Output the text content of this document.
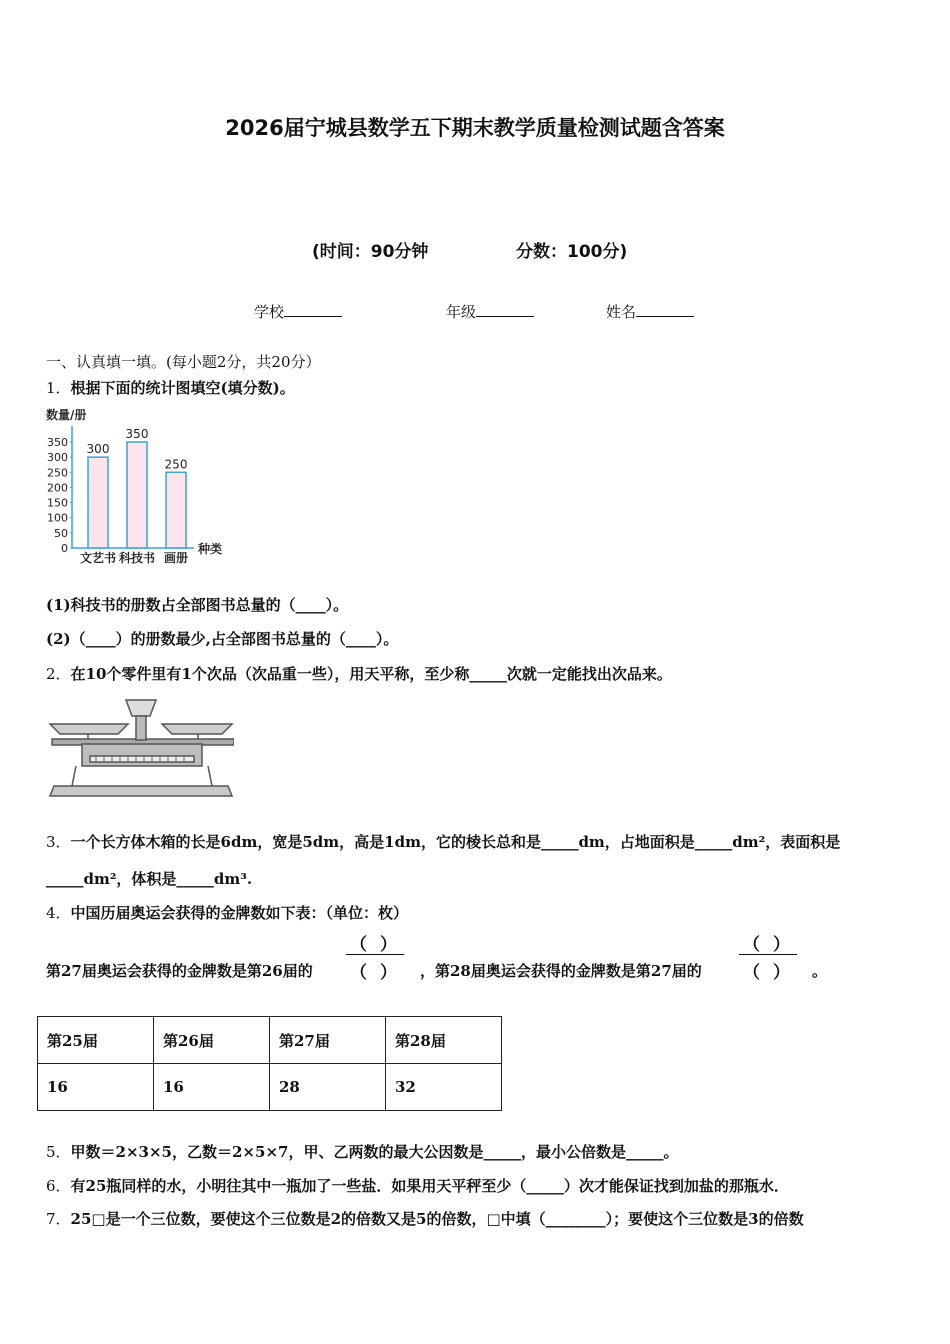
2026届宁城县数学五下期末教学质量检测试题含答案
(时间：90分钟	分数：100分)
学校	年级	姓名
一、认真填一填。(每小题2分，共20分）
1．根据下面的统计图填空(填分数)。
数量/册
350
300
250
200
150
100
50
0
300
文艺书
350
科技书
250
画册
种类
(1)科技书的册数占全部图书总量的（____）。
(2)（____）的册数最少,占全部图书总量的（____）。
2．在10个零件里有1个次品（次品重一些），用天平称，至少称_____次就一定能找出次品来。
3．一个长方体木箱的长是6dm，宽是5dm，高是1dm，它的棱长总和是_____dm，占地面积是_____dm²，表面积是
_____dm²，体积是_____dm³.
4．中国历届奥运会获得的金牌数如下表：（单位：枚）
第27届奥运会获得的金牌数是第26届的
（ ）
（ ） ，第28届奥运会获得的金牌数是第27届的
（ ）
（ ） 。
第25届	第26届	第27届	第28届
16	16	28	32
5．甲数＝2×3×5，乙数＝2×5×7，甲、乙两数的最大公因数是_____，最小公倍数是_____。
6．有25瓶同样的水，小明往其中一瓶加了一些盐．如果用天平秤至少（_____）次才能保证找到加盐的那瓶水．
7．25□是一个三位数，要使这个三位数是2的倍数又是5的倍数，□中填（________）；要使这个三位数是3的倍数
